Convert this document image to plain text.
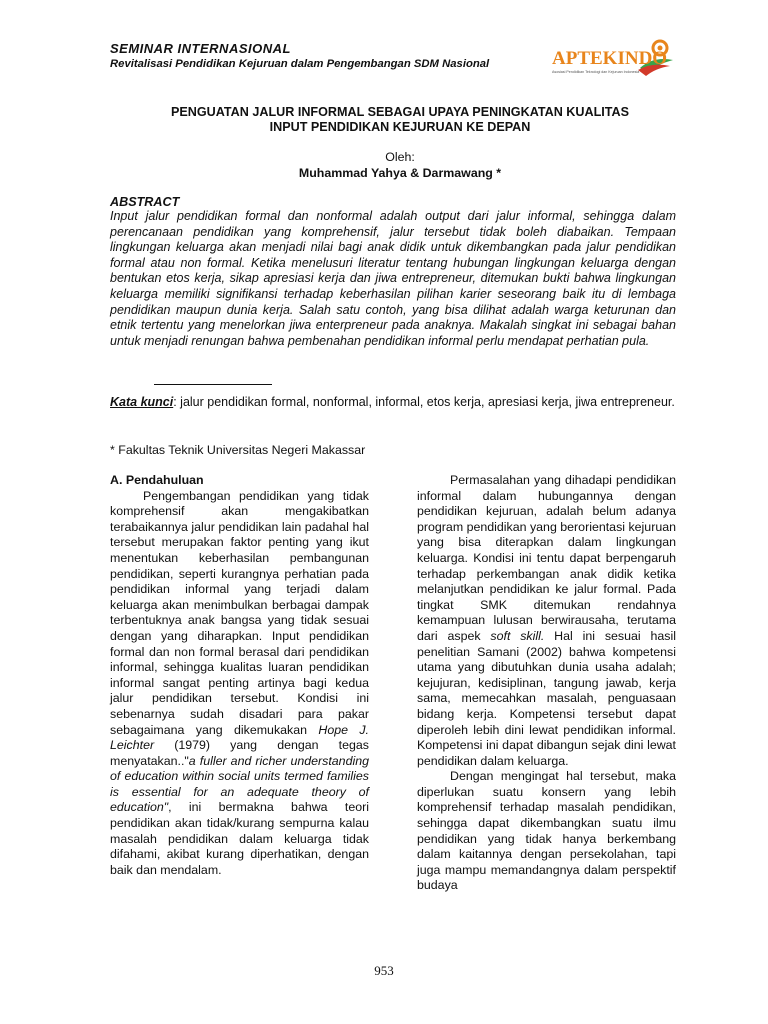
SEMINAR INTERNASIONAL
Revitalisasi Pendidikan Kejuruan dalam Pengembangan SDM Nasional	APTEKINDO
Asosiasi Pendidikan Teknologi dan Kejuruan Indonesia
PENGUATAN JALUR INFORMAL SEBAGAI UPAYA PENINGKATAN KUALITAS
INPUT PENDIDIKAN KEJURUAN KE DEPAN
Oleh:
Muhammad Yahya & Darmawang *
ABSTRACT
Input jalur pendidikan formal dan nonformal adalah output dari jalur informal, sehingga dalam perencanaan pendidikan yang komprehensif, jalur tersebut tidak boleh diabaikan. Tempaan lingkungan keluarga akan menjadi nilai bagi anak didik untuk dikembangkan pada jalur pendidikan formal atau non formal. Ketika menelusuri literatur tentang hubungan lingkungan keluarga dengan bentukan etos kerja, sikap apresiasi kerja dan jiwa entrepreneur, ditemukan bukti bahwa lingkungan keluarga memiliki signifikansi terhadap keberhasilan pilihan karier seseorang baik itu di lembaga pendidikan maupun dunia kerja. Salah satu contoh, yang bisa dilihat adalah warga keturunan dan etnik tertentu yang menelorkan jiwa enterpreneur pada anaknya. Makalah singkat ini sebagai bahan untuk menjadi renungan bahwa pembenahan pendidikan informal perlu mendapat perhatian pula.
Kata kunci: jalur pendidikan formal, nonformal, informal, etos kerja, apresiasi kerja, jiwa entrepreneur.
* Fakultas Teknik Universitas Negeri Makassar

A. Pendahuluan

Pengembangan pendidikan yang tidak komprehensif akan mengakibatkan terabaikannya jalur pendidikan lain padahal hal tersebut merupakan faktor penting yang ikut menentukan keberhasilan pembangunan pendidikan, seperti kurangnya perhatian pada pendidikan informal yang terjadi dalam keluarga akan menimbulkan berbagai dampak terbentuknya anak bangsa yang tidak sesuai dengan yang diharapkan. Input pendidikan formal dan non formal berasal dari pendidikan informal, sehingga kualitas luaran pendidikan informal sangat penting artinya bagi kedua jalur pendidikan tersebut. Kondisi ini sebenarnya sudah disadari para pakar sebagaimana yang dikemukakan Hope J. Leichter (1979) yang dengan tegas menyatakan.."a fuller and richer understanding of education within social units termed families is essential for an adequate theory of education", ini bermakna bahwa teori pendidikan akan tidak/kurang sempurna kalau masalah pendidikan dalam keluarga tidak difahami, akibat kurang diperhatikan, dengan baik dan mendalam.

Permasalahan yang dihadapi pendidikan informal dalam hubungannya dengan pendidikan kejuruan, adalah belum adanya program pendidikan yang berorientasi kejuruan yang bisa diterapkan dalam lingkungan keluarga. Kondisi ini tentu dapat berpengaruh terhadap perkembangan anak didik ketika melanjutkan pendidikan ke jalur formal. Pada tingkat SMK ditemukan rendahnya kemampuan lulusan berwirausaha, terutama dari aspek soft skill. Hal ini sesuai hasil penelitian Samani (2002) bahwa kompetensi utama yang dibutuhkan dunia usaha adalah; kejujuran, kedisiplinan, tangung jawab, kerja sama, memecahkan masalah, penguasaan bidang kerja. Kompetensi tersebut dapat diperoleh lebih dini lewat pendidikan informal. Kompetensi ini dapat dibangun sejak dini lewat pendidikan dalam keluarga.

Dengan mengingat hal tersebut, maka diperlukan suatu konsern yang lebih komprehensif terhadap masalah pendidikan, sehingga dapat dikembangkan suatu ilmu pendidikan yang tidak hanya berkembang dalam kaitannya dengan persekolahan, tapi juga mampu memandangnya dalam perspektif budaya

953
